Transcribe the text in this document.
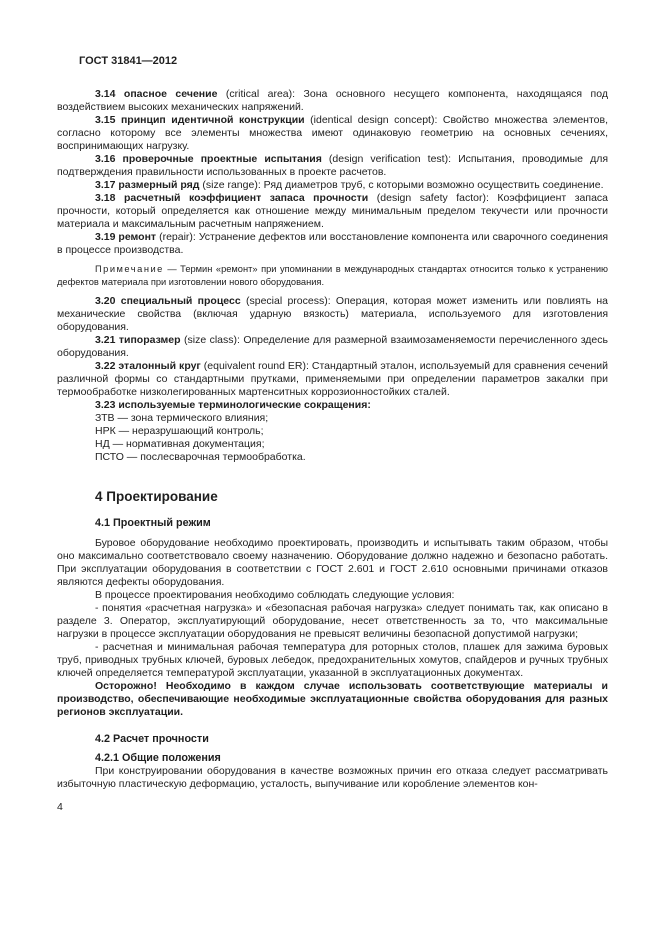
ГОСТ 31841—2012

3.14 опасное сечение (critical area): Зона основного несущего компонента, находящаяся под воздействием высоких механических напряжений.

3.15 принцип идентичной конструкции (identical design concept): Свойство множества элементов, согласно которому все элементы множества имеют одинаковую геометрию на основных сечениях, воспринимающих нагрузку.

3.16 проверочные проектные испытания (design verification test): Испытания, проводимые для подтверждения правильности использованных в проекте расчетов.

3.17 размерный ряд (size range): Ряд диаметров труб, с которыми возможно осуществить соединение.

3.18 расчетный коэффициент запаса прочности (design safety factor): Коэффициент запаса прочности, который определяется как отношение между минимальным пределом текучести или прочности материала и максимальным расчетным напряжением.

3.19 ремонт (repair): Устранение дефектов или восстановление компонента или сварочного соединения в процессе производства.

Примечание — Термин «ремонт» при упоминании в международных стандартах относится только к устранению дефектов материала при изготовлении нового оборудования.

3.20 специальный процесс (special process): Операция, которая может изменить или повлиять на механические свойства (включая ударную вязкость) материала, используемого для изготовления оборудования.

3.21 типоразмер (size class): Определение для размерной взаимозаменяемости перечисленного здесь оборудования.

3.22 эталонный круг (equivalent round ER): Стандартный эталон, используемый для сравнения сечений различной формы со стандартными прутками, применяемыми при определении параметров закалки при термообработке низколегированных мартенситных коррозионностойких сталей.

3.23 используемые терминологические сокращения:

ЗТВ — зона термического влияния;

НРК — неразрушающий контроль;

НД — нормативная документация;

ПСТО — послесварочная термообработка.

4 Проектирование
4.1 Проектный режим

Буровое оборудование необходимо проектировать, производить и испытывать таким образом, чтобы оно максимально соответствовало своему назначению. Оборудование должно надежно и безопасно работать. При эксплуатации оборудования в соответствии с ГОСТ 2.601 и ГОСТ 2.610 основными причинами отказов являются дефекты оборудования.

В процессе проектирования необходимо соблюдать следующие условия:

- понятия «расчетная нагрузка» и «безопасная рабочая нагрузка» следует понимать так, как описано в разделе 3. Оператор, эксплуатирующий оборудование, несет ответственность за то, что максимальные нагрузки в процессе эксплуатации оборудования не превысят величины безопасной допустимой нагрузки;

- расчетная и минимальная рабочая температура для роторных столов, плашек для зажима буровых труб, приводных трубных ключей, буровых лебедок, предохранительных хомутов, спайдеров и ручных трубных ключей определяется температурой эксплуатации, указанной в эксплуатационных документах.

Осторожно! Необходимо в каждом случае использовать соответствующие материалы и производство, обеспечивающие необходимые эксплуатационные свойства оборудования для разных регионов эксплуатации.

4.2 Расчет прочности
4.2.1 Общие положения

При конструировании оборудования в качестве возможных причин его отказа следует рассматривать избыточную пластическую деформацию, усталость, выпучивание или коробление элементов кон-

4
